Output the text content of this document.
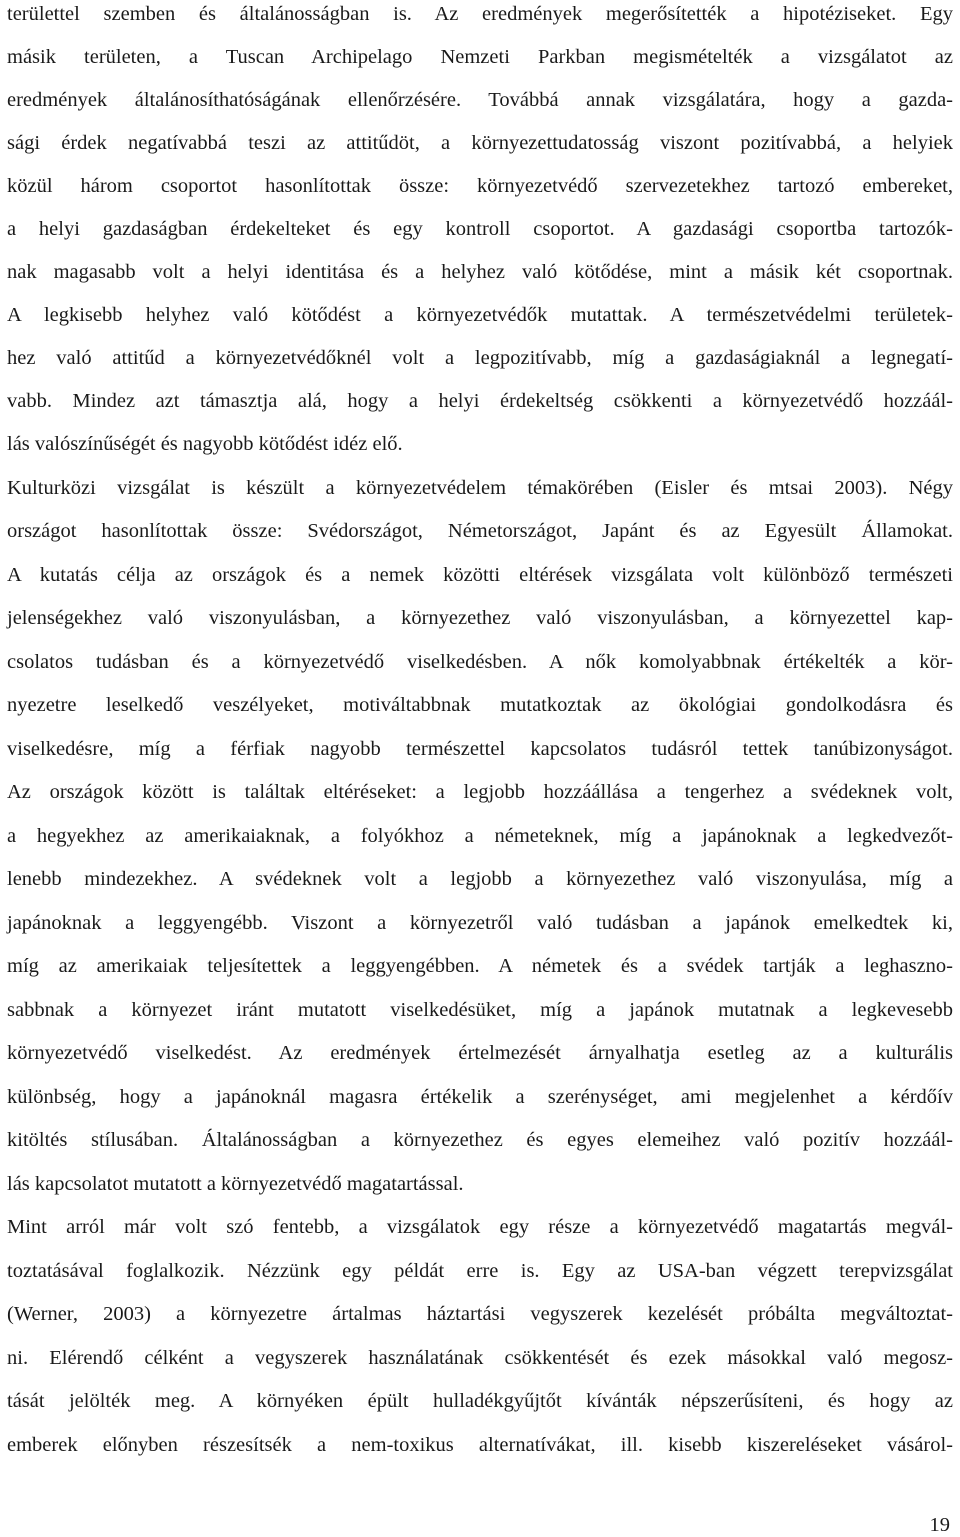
területtel szemben és általánosságban is. Az eredmények megerősítették a hipotéziseket. Egy
másik területen, a Tuscan Archipelago Nemzeti Parkban megismételték a vizsgálatot az
eredmények általánosíthatóságának ellenőrzésére. Továbbá annak vizsgálatára, hogy a gazda-
sági érdek negatívabbá teszi az attitűdöt, a környezettudatosság viszont pozitívabbá, a helyiek
közül három csoportot hasonlítottak össze: környezetvédő szervezetekhez tartozó embereket,
a helyi gazdaságban érdekelteket és egy kontroll csoportot. A gazdasági csoportba tartozók-
nak magasabb volt a helyi identitása és a helyhez való kötődése, mint a másik két csoportnak.
A legkisebb helyhez való kötődést a környezetvédők mutattak. A természetvédelmi területek-
hez való attitűd a környezetvédőknél volt a legpozitívabb, míg a gazdaságiaknál a legnegatí-
vabb. Mindez azt támasztja alá, hogy a helyi érdekeltség csökkenti a környezetvédő hozzáál-
lás valószínűségét és nagyobb kötődést idéz elő.
Kulturközi vizsgálat is készült a környezetvédelem témakörében (Eisler és mtsai 2003). Négy
országot hasonlítottak össze: Svédországot, Németországot, Japánt és az Egyesült Államokat.
A kutatás célja az országok és a nemek közötti eltérések vizsgálata volt különböző természeti
jelenségekhez való viszonyulásban, a környezethez való viszonyulásban, a környezettel kap-
csolatos tudásban és a környezetvédő viselkedésben. A nők komolyabbnak értékelték a kör-
nyezetre leselkedő veszélyeket, motiváltabbnak mutatkoztak az ökológiai gondolkodásra és
viselkedésre, míg a férfiak nagyobb természettel kapcsolatos tudásról tettek tanúbizonyságot.
Az országok között is találtak eltéréseket: a legjobb hozzáállása a tengerhez a svédeknek volt,
a hegyekhez az amerikaiaknak, a folyókhoz a németeknek, míg a japánoknak a legkedvezőt-
lenebb mindezekhez. A svédeknek volt a legjobb a környezethez való viszonyulása, míg a
japánoknak a leggyengébb. Viszont a környezetről való tudásban a japánok emelkedtek ki,
míg az amerikaiak teljesítettek a leggyengébben. A németek és a svédek tartják a leghaszno-
sabbnak a környezet iránt mutatott viselkedésüket, míg a japánok mutatnak a legkevesebb
környezetvédő viselkedést. Az eredmények értelmezését árnyalhatja esetleg az a kulturális
különbség, hogy a japánoknál magasra értékelik a szerénységet, ami megjelenhet a kérdőív
kitöltés stílusában. Általánosságban a környezethez és egyes elemeihez való pozitív hozzáál-
lás kapcsolatot mutatott a környezetvédő magatartással.
Mint arról már volt szó fentebb, a vizsgálatok egy része a környezetvédő magatartás megvál-
toztatásával foglalkozik. Nézzünk egy példát erre is. Egy az USA-ban végzett terepvizsgálat
(Werner, 2003) a környezetre ártalmas háztartási vegyszerek kezelését próbálta megváltoztat-
ni. Elérendő célként a vegyszerek használatának csökkentését és ezek másokkal való megosz-
tását jelölték meg. A környéken épült hulladékgyűjtőt kívánták népszerűsíteni, és hogy az
emberek előnyben részesítsék a nem-toxikus alternatívákat, ill. kisebb kiszereléseket vásárol-
19
